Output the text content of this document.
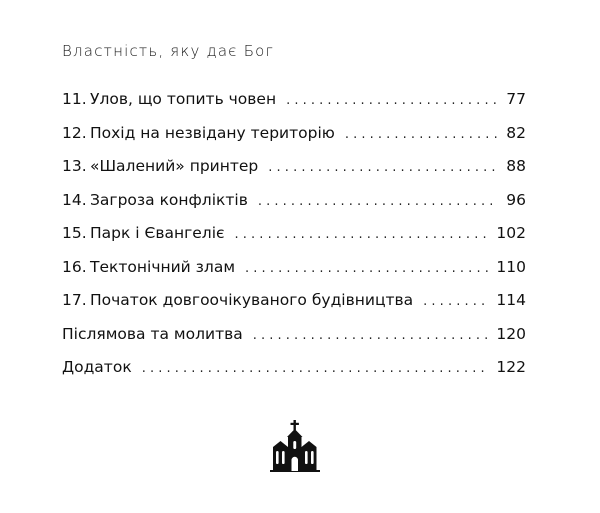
Властність, яку дає Бог
11. Улов, що топить човен . . .	77
12. Похід на незвідану територію . . .	82
13. «Шалений» принтер . . .	88
14. Загроза конфліктів . . .	96
15. Парк і Євангеліє . . .	102
16. Тектонічний злам . . .	110
17. Початок довгоочікуваного будівництва . . .	114
Післямова та молитва . . .	120
Додаток . . .	122
